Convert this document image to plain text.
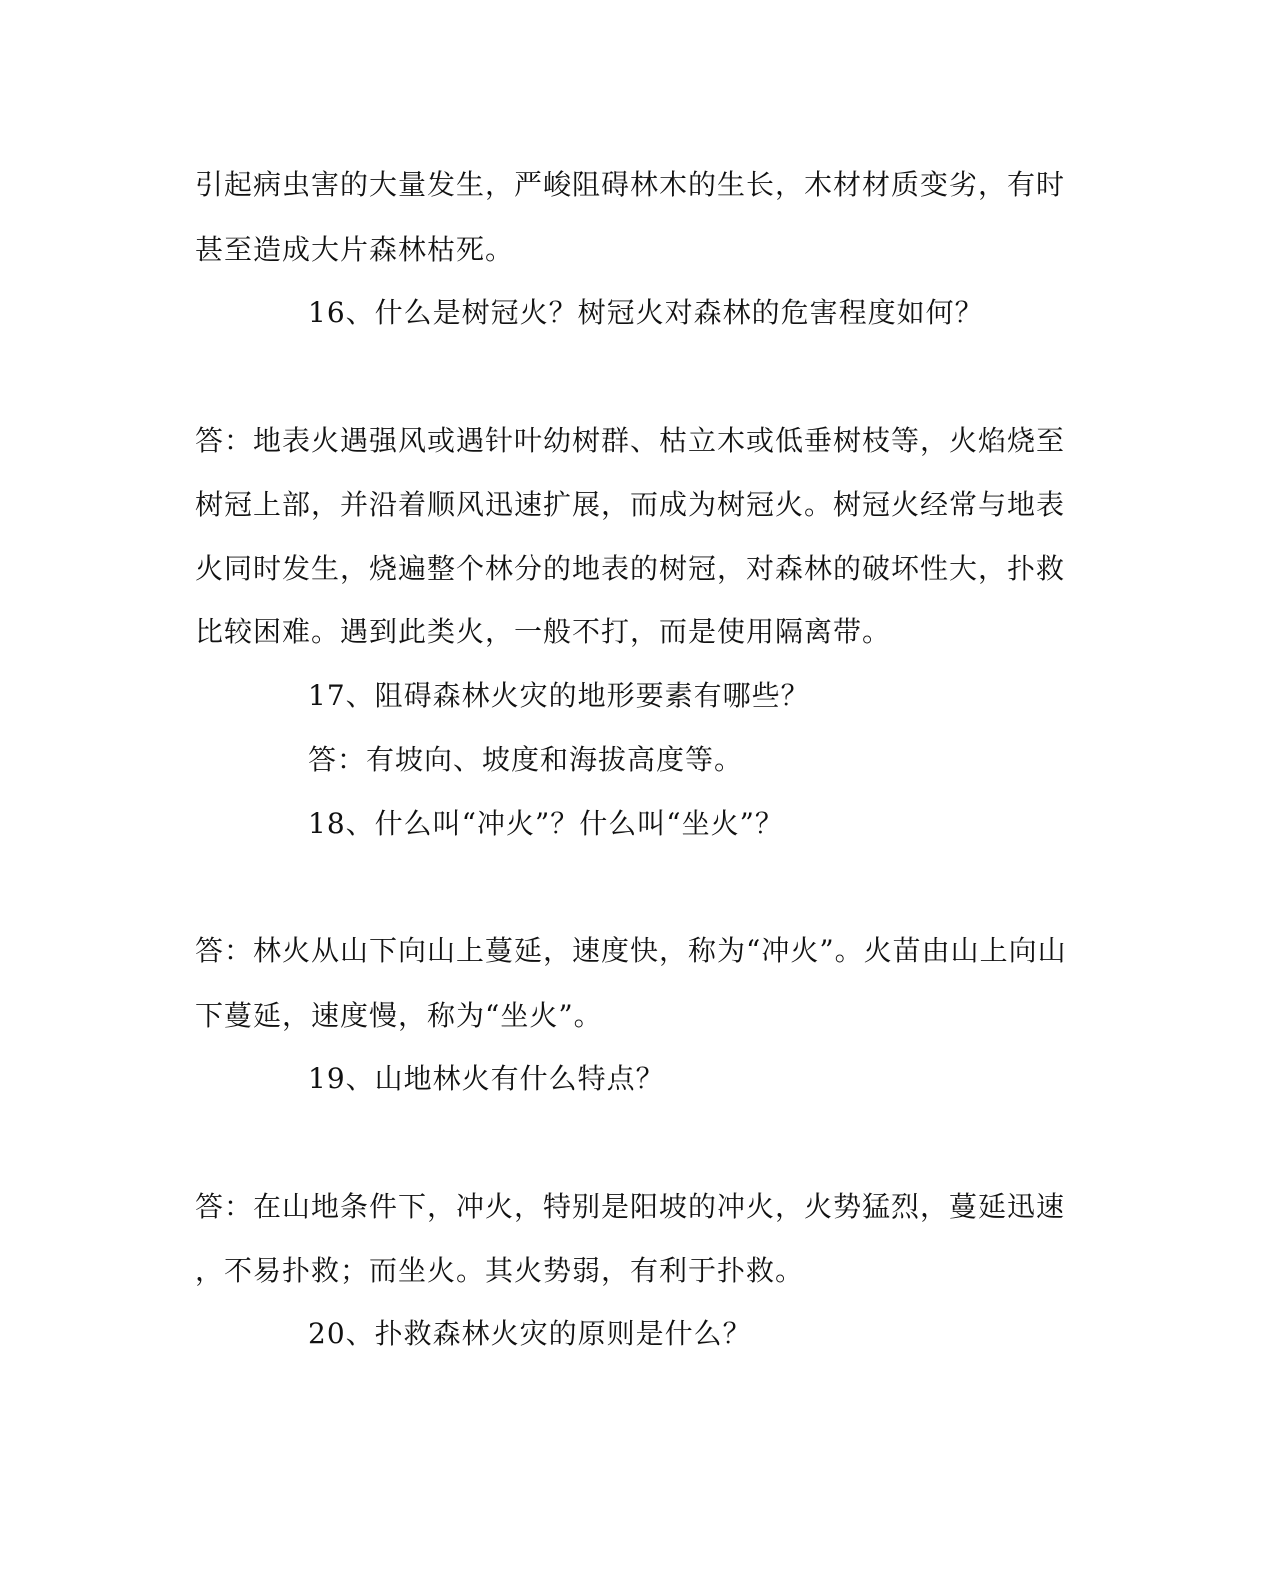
引起病虫害的大量发生，严峻阻碍林木的生长，木材材质变劣，有时
甚至造成大片森林枯死。
16、什么是树冠火？树冠火对森林的危害程度如何？
答：地表火遇强风或遇针叶幼树群、枯立木或低垂树枝等，火焰烧至
树冠上部，并沿着顺风迅速扩展，而成为树冠火。树冠火经常与地表
火同时发生，烧遍整个林分的地表的树冠，对森林的破坏性大，扑救
比较困难。遇到此类火，一般不打，而是使用隔离带。
17、阻碍森林火灾的地形要素有哪些？
答：有坡向、坡度和海拔高度等。
18、什么叫“冲火”？什么叫“坐火”？
答：林火从山下向山上蔓延，速度快，称为“冲火”。火苗由山上向山
下蔓延，速度慢，称为“坐火”。
19、山地林火有什么特点？
答：在山地条件下，冲火，特别是阳坡的冲火，火势猛烈，蔓延迅速
，不易扑救；而坐火。其火势弱，有利于扑救。
20、扑救森林火灾的原则是什么？
